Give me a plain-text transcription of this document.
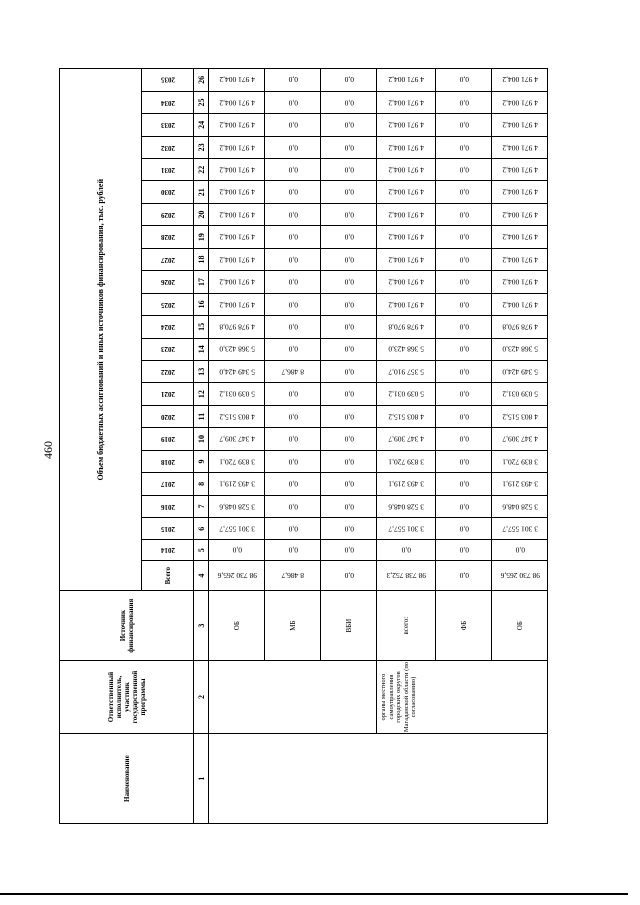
460
Наименование	Ответственный исполнитель, участник государственной программы	Источник финансирования	Объем бюджетных ассигнований и иных источников финансирования, тыс. рублей																						
			Всего	2014	2015	2016	2017	2018	2019	2020	2021	2022	2023	2024	2025	2026	2027	2028	2029	2030	2031	2032	2033	2034	2035
1	2	3	4	5	6	7	8	9	10	11	12	13	14	15	16	17	18	19	20	21	22	23	24	25	26
		ОБ	98 730 265,6	0,0	3 301 557,7	3 528 048,6	3 493 219,1	3 839 720,1	4 347 309,7	4 803 515,2	5 039 031,2	5 349 424,0	5 368 423,0	4 978 970,8	4 971 004,2	4 971 004,2	4 971 004,2	4 971 004,2	4 971 004,2	4 971 004,2	4 971 004,2	4 971 004,2	4 971 004,2	4 971 004,2	4 971 004,2
		МБ	8 486,7	0,0	0,0	0,0	0,0	0,0	0,0	0,0	0,0	8 486,7	0,0	0,0	0,0	0,0	0,0	0,0	0,0	0,0	0,0	0,0	0,0	0,0	0,0
		ВБИ	0,0	0,0	0,0	0,0	0,0	0,0	0,0	0,0	0,0	0,0	0,0	0,0	0,0	0,0	0,0	0,0	0,0	0,0	0,0	0,0	0,0	0,0	0,0
	органы местного самоуправления городских округов Магаданской области (по согласованию)	всего:	98 738 752,3	0,0	3 301 557,7	3 528 048,6	3 493 219,1	3 839 720,1	4 347 309,7	4 803 515,2	5 039 031,2	5 357 910,7	5 368 423,0	4 978 970,8	4 971 004,2	4 971 004,2	4 971 004,2	4 971 004,2	4 971 004,2	4 971 004,2	4 971 004,2	4 971 004,2	4 971 004,2	4 971 004,2	4 971 004,2
		ФБ	0,0	0,0	0,0	0,0	0,0	0,0	0,0	0,0	0,0	0,0	0,0	0,0	0,0	0,0	0,0	0,0	0,0	0,0	0,0	0,0	0,0	0,0	0,0
		ОБ	98 730 265,6	0,0	3 301 557,7	3 528 048,6	3 493 219,1	3 839 720,1	4 347 309,7	4 803 515,2	5 039 031,2	5 349 424,0	5 368 423,0	4 978 970,8	4 971 004,2	4 971 004,2	4 971 004,2	4 971 004,2	4 971 004,2	4 971 004,2	4 971 004,2	4 971 004,2	4 971 004,2	4 971 004,2	4 971 004,2
